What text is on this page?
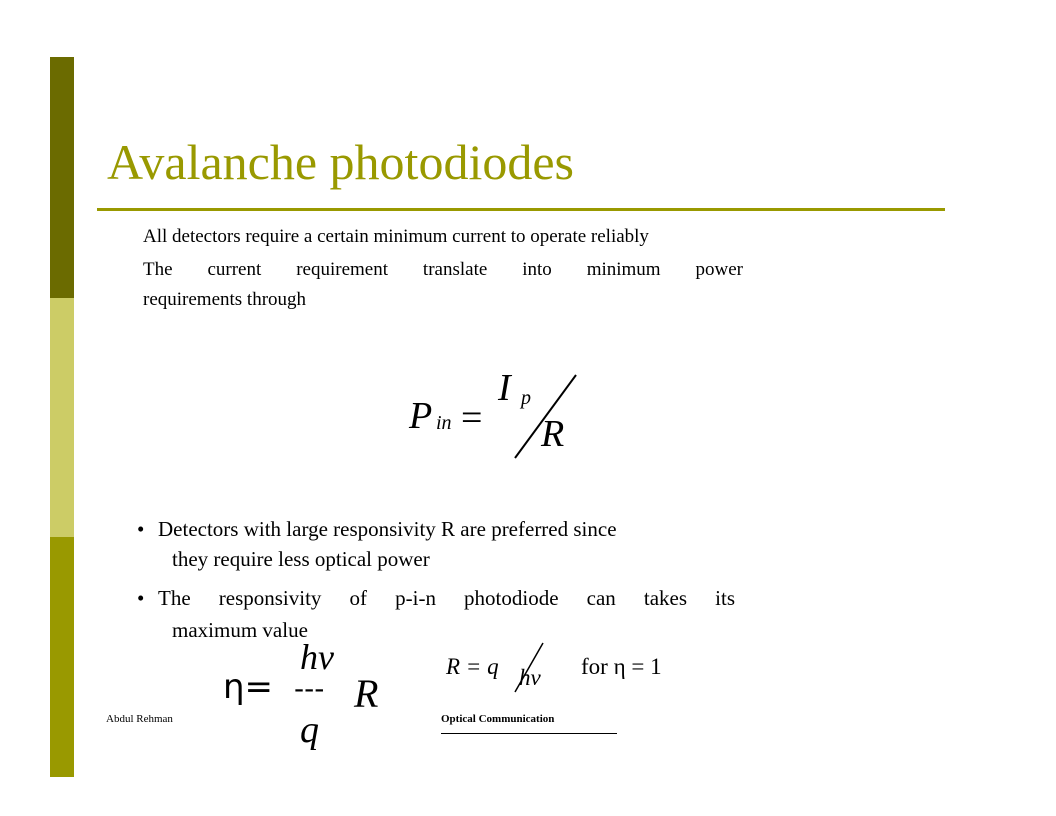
Avalanche photodiodes
All detectors require a certain minimum current to operate reliably
The current requirement translate into minimum power
requirements through
P in =
I p
R
• Detectors with large responsivity R are preferred since
they require less optical power
• The responsivity of p-i-n photodiode can takes its
maximum value
R = q hν for η = 1
η=
hν
---
q
R
Abdul Rehman	Optical Communication
